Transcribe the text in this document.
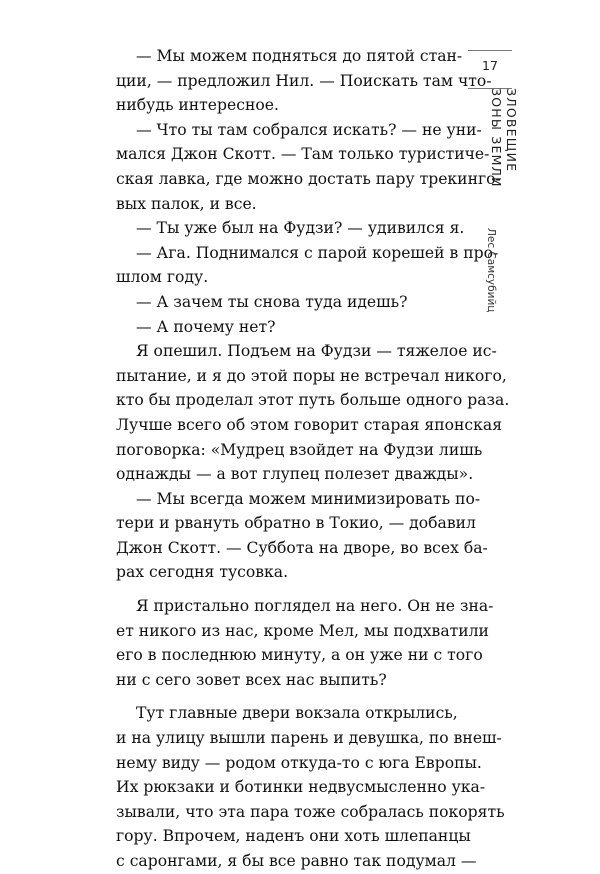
— Мы можем подняться до пятой стан-
ции, — предложил Нил. — Поискать там что-
нибудь интересное.
— Что ты там собрался искать? — не уни-
мался Джон Скотт. — Там только туристиче-
ская лавка, где можно достать пару трекинго-
вых палок, и все.
— Ты уже был на Фудзи? — удивился я.
— Ага. Поднимался с парой корешей в про-
шлом году.
— А зачем ты снова туда идешь?
— А почему нет?
Я опешил. Подъем на Фудзи — тяжелое ис-
пытание, и я до этой поры не встречал никого,
кто бы проделал этот путь больше одного раза.
Лучше всего об этом говорит старая японская
поговорка: «Мудрец взойдет на Фудзи лишь
однажды — а вот глупец полезет дважды».
— Мы всегда можем минимизировать по-
тери и рвануть обратно в Токио, — добавил
Джон Скотт. — Суббота на дворе, во всех ба-
рах сегодня тусовка.
Я пристально поглядел на него. Он не зна-
ет никого из нас, кроме Мел, мы подхватили
его в последнюю минуту, а он уже ни с того
ни с сего зовет всех нас выпить?
Тут главные двери вокзала открылись,
и на улицу вышли парень и девушка, по внеш-
нему виду — родом откуда-то с юга Европы.
Их рюкзаки и ботинки недвусмысленно ука-
зывали, что эта пара тоже собралась покорять
гору. Впрочем, наденъ они хоть шлепанцы
с саронгами, я бы все равно так подумал —
17
ЗЛОВЕЩИЕ
ЗОНЫ ЗЕМЛИ
Лес Самсубийц
